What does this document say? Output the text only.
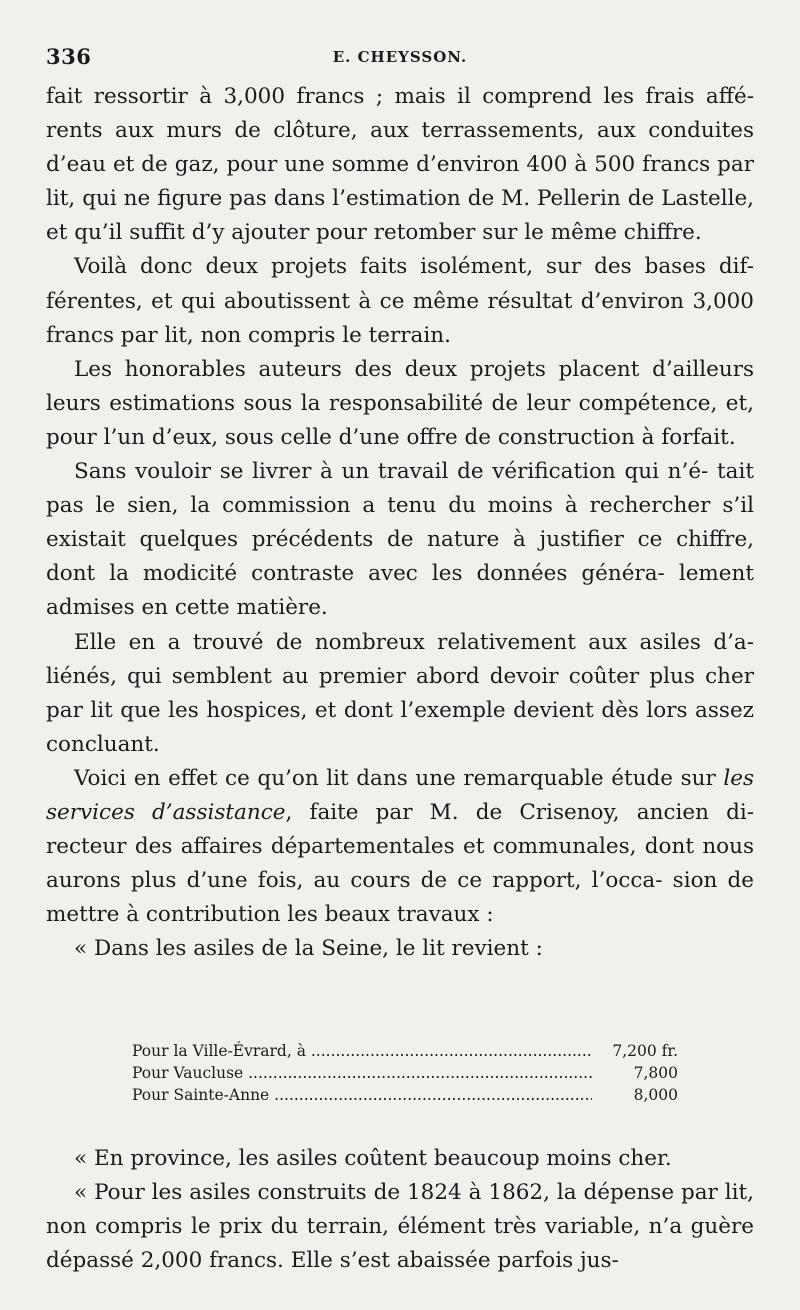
336	E. CHEYSSON.

fait ressortir à 3,000 francs ; mais il comprend les frais affé- rents aux murs de clôture, aux terrassements, aux conduites d’eau et de gaz, pour une somme d’environ 400 à 500 francs par lit, qui ne figure pas dans l’estimation de M. Pellerin de Lastelle, et qu’il suffit d’y ajouter pour retomber sur le même chiffre.

Voilà donc deux projets faits isolément, sur des bases dif- férentes, et qui aboutissent à ce même résultat d’environ 3,000 francs par lit, non compris le terrain.

Les honorables auteurs des deux projets placent d’ailleurs leurs estimations sous la responsabilité de leur compétence, et, pour l’un d’eux, sous celle d’une offre de construction à forfait.

Sans vouloir se livrer à un travail de vérification qui n’é- tait pas le sien, la commission a tenu du moins à rechercher s’il existait quelques précédents de nature à justifier ce chiffre, dont la modicité contraste avec les données généra- lement admises en cette matière.

Elle en a trouvé de nombreux relativement aux asiles d’a- liénés, qui semblent au premier abord devoir coûter plus cher par lit que les hospices, et dont l’exemple devient dès lors assez concluant.

Voici en effet ce qu’on lit dans une remarquable étude sur les services d’assistance, faite par M. de Crisenoy, ancien di- recteur des affaires départementales et communales, dont nous aurons plus d’une fois, au cours de ce rapport, l’occa- sion de mettre à contribution les beaux travaux :

« Dans les asiles de la Seine, le lit revient :

Pour la Ville-Évrard, à .....	7,200 fr.
Pour Vaucluse .....	7,800
Pour Sainte-Anne .....	8,000

« En province, les asiles coûtent beaucoup moins cher.

« Pour les asiles construits de 1824 à 1862, la dépense par lit, non compris le prix du terrain, élément très variable, n’a guère dépassé 2,000 francs. Elle s’est abaissée parfois jus-
